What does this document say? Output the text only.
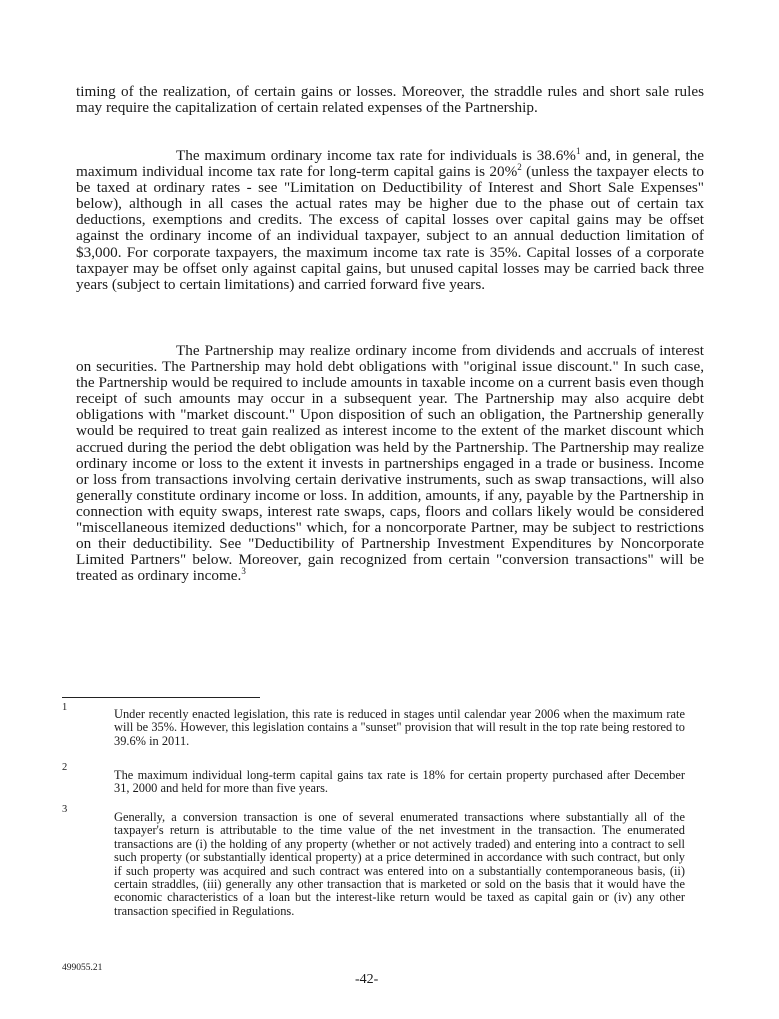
timing of the realization, of certain gains or losses. Moreover, the straddle rules and short sale rules may require the capitalization of certain related expenses of the Partnership.

The maximum ordinary income tax rate for individuals is 38.6%$^1$ and, in general, the maximum individual income tax rate for long-term capital gains is 20%$^2$ (unless the taxpayer elects to be taxed at ordinary rates - see "Limitation on Deductibility of Interest and Short Sale Expenses" below), although in all cases the actual rates may be higher due to the phase out of certain tax deductions, exemptions and credits. The excess of capital losses over capital gains may be offset against the ordinary income of an individual taxpayer, subject to an annual deduction limitation of $3,000. For corporate taxpayers, the maximum income tax rate is 35%. Capital losses of a corporate taxpayer may be offset only against capital gains, but unused capital losses may be carried back three years (subject to certain limitations) and carried forward five years.

The Partnership may realize ordinary income from dividends and accruals of interest on securities. The Partnership may hold debt obligations with "original issue discount." In such case, the Partnership would be required to include amounts in taxable income on a current basis even though receipt of such amounts may occur in a subsequent year. The Partnership may also acquire debt obligations with "market discount." Upon disposition of such an obligation, the Partnership generally would be required to treat gain realized as interest income to the extent of the market discount which accrued during the period the debt obligation was held by the Partnership. The Partnership may realize ordinary income or loss to the extent it invests in partnerships engaged in a trade or business. Income or loss from transactions involving certain derivative instruments, such as swap transactions, will also generally constitute ordinary income or loss. In addition, amounts, if any, payable by the Partnership in connection with equity swaps, interest rate swaps, caps, floors and collars likely would be considered "miscellaneous itemized deductions" which, for a noncorporate Partner, may be subject to restrictions on their deductibility. See "Deductibility of Partnership Investment Expenditures by Noncorporate Limited Partners" below. Moreover, gain recognized from certain "conversion transactions" will be treated as ordinary income.$^3$

1	Under recently enacted legislation, this rate is reduced in stages until calendar year 2006 when the maximum rate will be 35%. However, this legislation contains a "sunset" provision that will result in the top rate being restored to 39.6% in 2011.

2

The maximum individual long-term capital gains tax rate is 18% for certain property purchased after December 31, 2000 and held for more than five years.

3

Generally, a conversion transaction is one of several enumerated transactions where substantially all of the taxpayer's return is attributable to the time value of the net investment in the transaction. The enumerated transactions are (i) the holding of any property (whether or not actively traded) and entering into a contract to sell such property (or substantially identical property) at a price determined in accordance with such contract, but only if such property was acquired and such contract was entered into on a substantially contemporaneous basis, (ii) certain straddles, (iii) generally any other transaction that is marketed or sold on the basis that it would have the economic characteristics of a loan but the interest-like return would be taxed as capital gain or (iv) any other transaction specified in Regulations.

499055.21
-42-
